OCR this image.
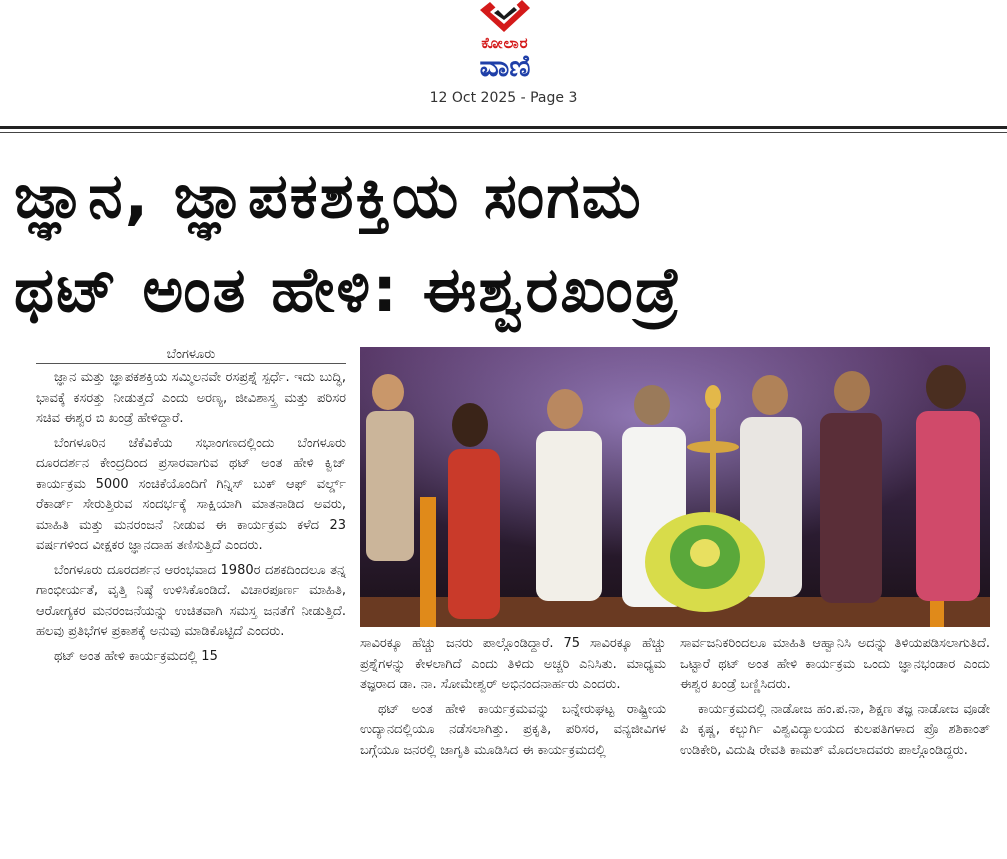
ಕೋಲಾರ
ವಾಣಿ
12 Oct 2025 - Page 3
ಜ್ಞಾನ, ಜ್ಞಾಪಕಶಕ್ತಿಯ ಸಂಗಮ
ಥಟ್ ಅಂತ ಹೇಳಿ: ಈಶ್ವರಖಂಡ್ರೆ
ಬೆಂಗಳೂರು

ಜ್ಞಾನ ಮತ್ತು ಜ್ಞಾಪಕಶಕ್ತಿಯ ಸಮ್ಮಿಲನವೇ ರಸಪ್ರಶ್ನೆ ಸ್ಪರ್ಧೆ. ಇದು ಬುದ್ಧಿ, ಭಾವಕ್ಕೆ ಕಸರತ್ತು ನೀಡುತ್ತದೆ ಎಂದು ಅರಣ್ಯ, ಜೀವಿಶಾಸ್ತ್ರ ಮತ್ತು ಪರಿಸರ ಸಚಿವ ಈಶ್ವರ ಬಿ ಖಂಡ್ರೆ ಹೇಳಿದ್ದಾರೆ.

ಬೆಂಗಳೂರಿನ ಜೆಕೆವಿಕೆಯ ಸಭಾಂಗಣದಲ್ಲಿಂದು ಬೆಂಗಳೂರು ದೂರದರ್ಶನ ಕೇಂದ್ರದಿಂದ ಪ್ರಸಾರವಾಗುವ ಥಟ್ ಅಂತ ಹೇಳಿ ಕ್ವಿಜ್ ಕಾರ್ಯಕ್ರಮ 5000 ಸಂಚಿಕೆಯೊಂದಿಗೆ ಗಿನ್ನಿಸ್ ಬುಕ್ ಆಫ್ ವರ್ಲ್ಡ್ ರೆಕಾರ್ಡ್ ಸೇರುತ್ತಿರುವ ಸಂದರ್ಭಕ್ಕೆ ಸಾಕ್ಷಿಯಾಗಿ ಮಾತನಾಡಿದ ಅವರು, ಮಾಹಿತಿ ಮತ್ತು ಮನರಂಜನೆ ನೀಡುವ ಈ ಕಾರ್ಯಕ್ರಮ ಕಳೆದ 23 ವರ್ಷಗಳಿಂದ ವೀಕ್ಷಕರ ಜ್ಞಾನದಾಹ ತಣಿಸುತ್ತಿದೆ ಎಂದರು.

ಬೆಂಗಳೂರು ದೂರದರ್ಶನ ಆರಂಭವಾದ 1980ರ ದಶಕದಿಂದಲೂ ತನ್ನ ಗಾಂಭೀರ್ಯತೆ, ವೃತ್ತಿ ನಿಷ್ಠೆ ಉಳಿಸಿಕೊಂಡಿದೆ. ವಿಚಾರಪೂರ್ಣ ಮಾಹಿತಿ, ಆರೋಗ್ಯಕರ ಮನರಂಜನೆಯನ್ನು ಉಚಿತವಾಗಿ ಸಮಸ್ತ ಜನತೆಗೆ ನೀಡುತ್ತಿದೆ. ಹಲವು ಪ್ರತಿಭೆಗಳ ಪ್ರಕಾಶಕ್ಕೆ ಅನುವು ಮಾಡಿಕೊಟ್ಟಿದೆ ಎಂದರು.

ಥಟ್ ಅಂತ ಹೇಳಿ ಕಾರ್ಯಕ್ರಮದಲ್ಲಿ 15

ಸಾವಿರಕ್ಕೂ ಹೆಚ್ಚು ಜನರು ಪಾಲ್ಗೊಂಡಿದ್ದಾರೆ. 75 ಸಾವಿರಕ್ಕೂ ಹೆಚ್ಚು ಪ್ರಶ್ನೆಗಳನ್ನು ಕೇಳಲಾಗಿದೆ ಎಂದು ತಿಳಿದು ಅಚ್ಚರಿ ಎನಿಸಿತು. ಮಾಧ್ಯಮ ತಜ್ಞರಾದ ಡಾ. ನಾ. ಸೋಮೇಶ್ವರ್ ಅಭಿನಂದನಾರ್ಹರು ಎಂದರು.

ಥಟ್ ಅಂತ ಹೇಳಿ ಕಾರ್ಯಕ್ರಮವನ್ನು ಬನ್ನೇರುಘಟ್ಟ ರಾಷ್ಟ್ರೀಯ ಉದ್ಯಾನದಲ್ಲಿಯೂ ನಡೆಸಲಾಗಿತ್ತು. ಪ್ರಕೃತಿ, ಪರಿಸರ, ವನ್ಯಜೀವಿಗಳ ಬಗ್ಗೆಯೂ ಜನರಲ್ಲಿ ಜಾಗೃತಿ ಮೂಡಿಸಿದ ಈ ಕಾರ್ಯಕ್ರಮದಲ್ಲಿ

ಸಾರ್ವಜನಿಕರಿಂದಲೂ ಮಾಹಿತಿ ಆಹ್ವಾನಿಸಿ ಅದನ್ನು ತಿಳಿಯಪಡಿಸಲಾಗುತಿದೆ. ಒಟ್ಟಾರೆ ಥಟ್ ಅಂತ ಹೇಳಿ ಕಾರ್ಯಕ್ರಮ ಒಂದು ಜ್ಞಾನಭಂಡಾರ ಎಂದು ಈಶ್ವರ ಖಂಡ್ರೆ ಬಣ್ಣಿಸಿದರು.

ಕಾರ್ಯಕ್ರಮದಲ್ಲಿ ನಾಡೋಜ ಹಂ.ಪ.ನಾ, ಶಿಕ್ಷಣ ತಜ್ಞ ನಾಡೋಜ ವೂಡೇ ಪಿ ಕೃಷ್ಣ, ಕಲ್ಬುರ್ಗಿ ವಿಶ್ವವಿದ್ಯಾಲಯದ ಕುಲಪತಿಗಳಾದ ಪ್ರೊ ಶಶಿಕಾಂತ್ ಉಡಿಕೇರಿ, ವಿದುಷಿ ರೇವತಿ ಕಾಮತ್ ಮೊದಲಾದವರು ಪಾಲ್ಗೊಂಡಿದ್ದರು.
